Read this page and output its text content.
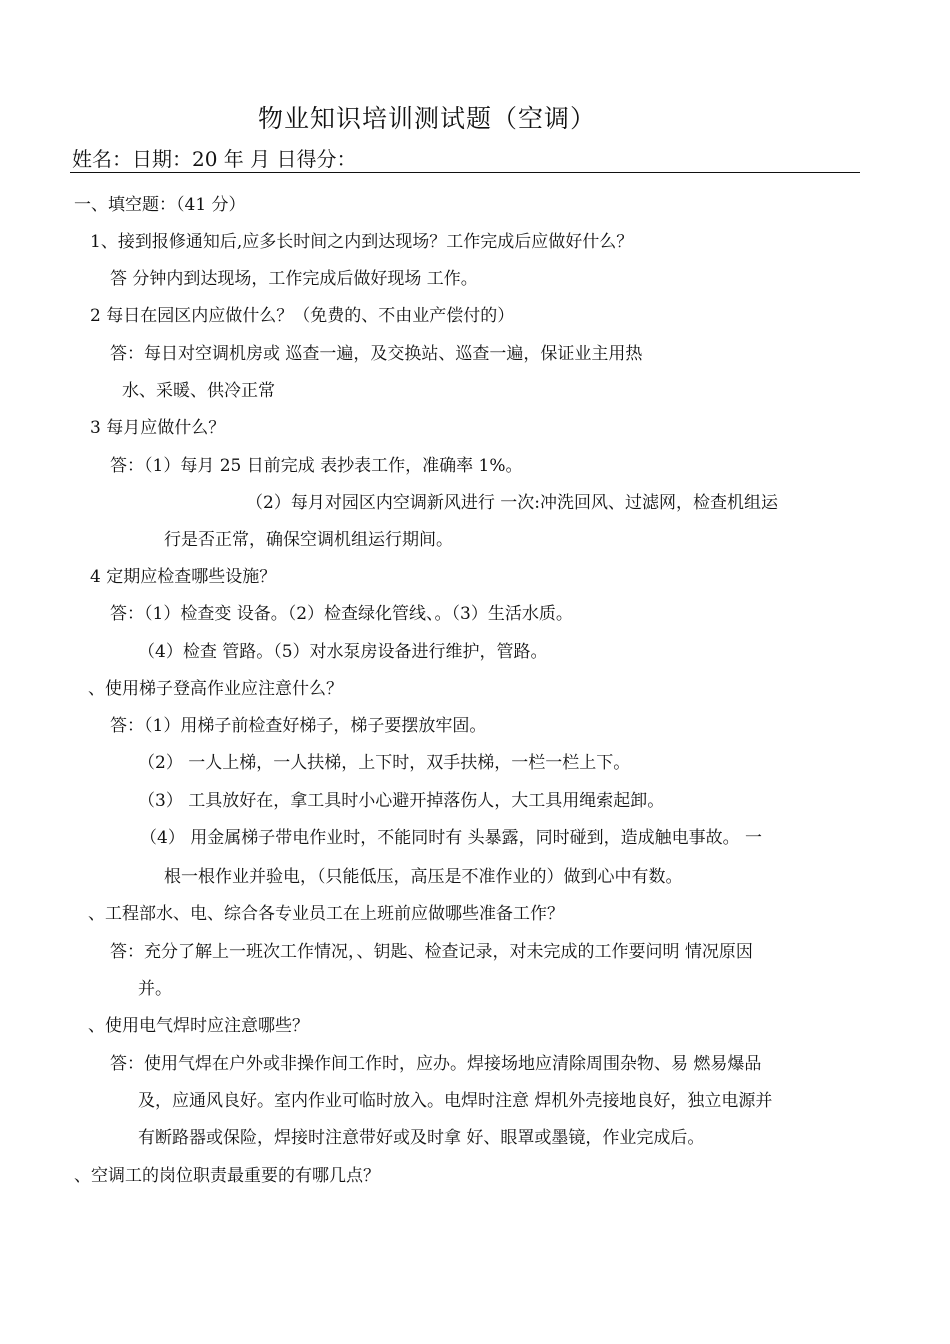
物业知识培训测试题（空调）
姓名：日期：20 年 月 日得分：
一、填空题：（41 分）
1、接到报修通知后,应多长时间之内到达现场？工作完成后应做好什么？
答 分钟内到达现场，工作完成后做好现场 工作。
2 每日在园区内应做什么？（免费的、不由业产偿付的）
答：每日对空调机房或 巡查一遍，及交换站、巡查一遍，保证业主用热
水、采暖、供冷正常
3 每月应做什么？
答：（1）每月 25 日前完成 表抄表工作，准确率 1%。
（2）每月对园区内空调新风进行 一次:冲洗回风、过滤网，检查机组运
行是否正常，确保空调机组运行期间。
4 定期应检查哪些设施？
答：（1）检查变 设备。（2）检查绿化管线、。（3）生活水质。
（4）检查 管路。（5）对水泵房设备进行维护，管路。
、使用梯子登高作业应注意什么？
答：（1）用梯子前检查好梯子，梯子要摆放牢固。
（2） 一人上梯，一人扶梯，上下时，双手扶梯，一栏一栏上下。
（3） 工具放好在，拿工具时小心避开掉落伤人，大工具用绳索起卸。
（4） 用金属梯子带电作业时，不能同时有 头暴露，同时碰到，造成触电事故。 一
根一根作业并验电，（只能低压，高压是不准作业的）做到心中有数。
、工程部水、电、综合各专业员工在上班前应做哪些准备工作？
答：充分了解上一班次工作情况，、钥匙、检查记录，对未完成的工作要问明 情况原因
并。
、使用电气焊时应注意哪些？
答：使用气焊在户外或非操作间工作时，应办。焊接场地应清除周围杂物、易 燃易爆品
及，应通风良好。室内作业可临时放入。电焊时注意 焊机外壳接地良好，独立电源并
有断路器或保险，焊接时注意带好或及时拿 好、眼罩或墨镜，作业完成后。
、空调工的岗位职责最重要的有哪几点？
